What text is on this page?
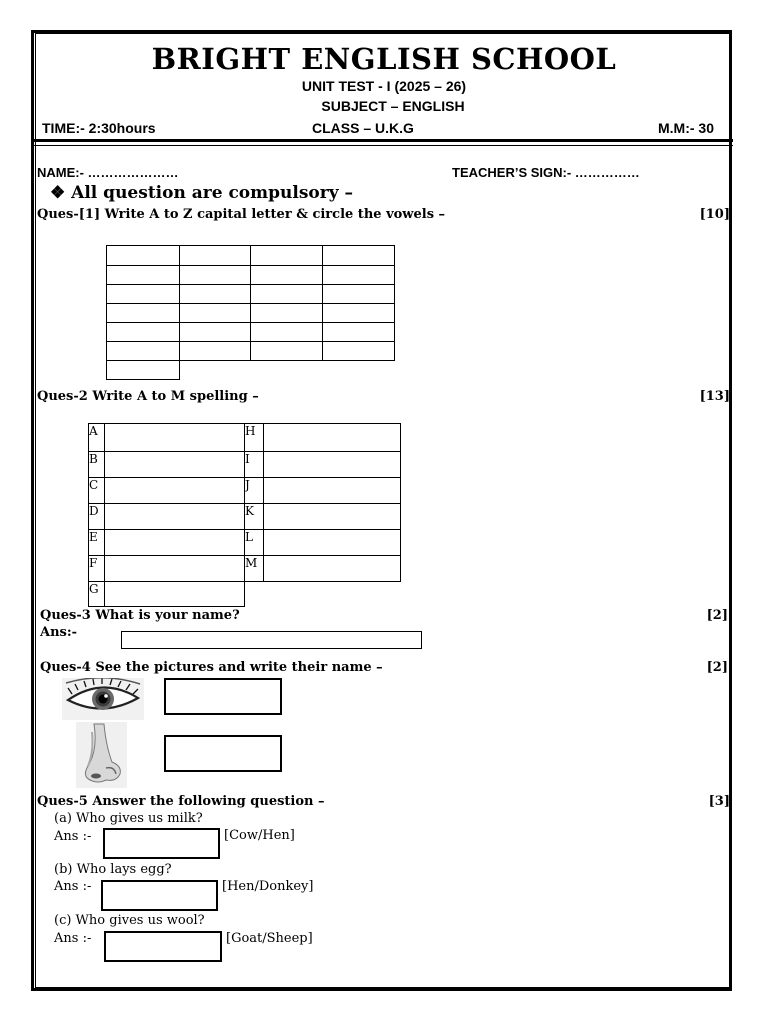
BRIGHT ENGLISH SCHOOL
UNIT TEST - I (2025 – 26)
SUBJECT – ENGLISH
TIME:- 2:30hours	CLASS – U.K.G	M.M:- 30
NAME:- …………………	TEACHER’S SIGN:- ……………
❖ All question are compulsory –
Ques-[1] Write A to Z capital letter & circle the vowels –	[10]

Ques-2 Write A to M spelling –	[13]
A		H	
B		I	
C		J	
D		K	
E		L	
F		M	
G			
Ques-3 What is your name?	[2]
Ans:-
Ques-4 See the pictures and write their name –	[2]
Ques-5 Answer the following question –	[3]
(a) Who gives us milk?
Ans :-	[Cow/Hen]
(b) Who lays egg?
Ans :-	[Hen/Donkey]
(c) Who gives us wool?
Ans :-	[Goat/Sheep]
